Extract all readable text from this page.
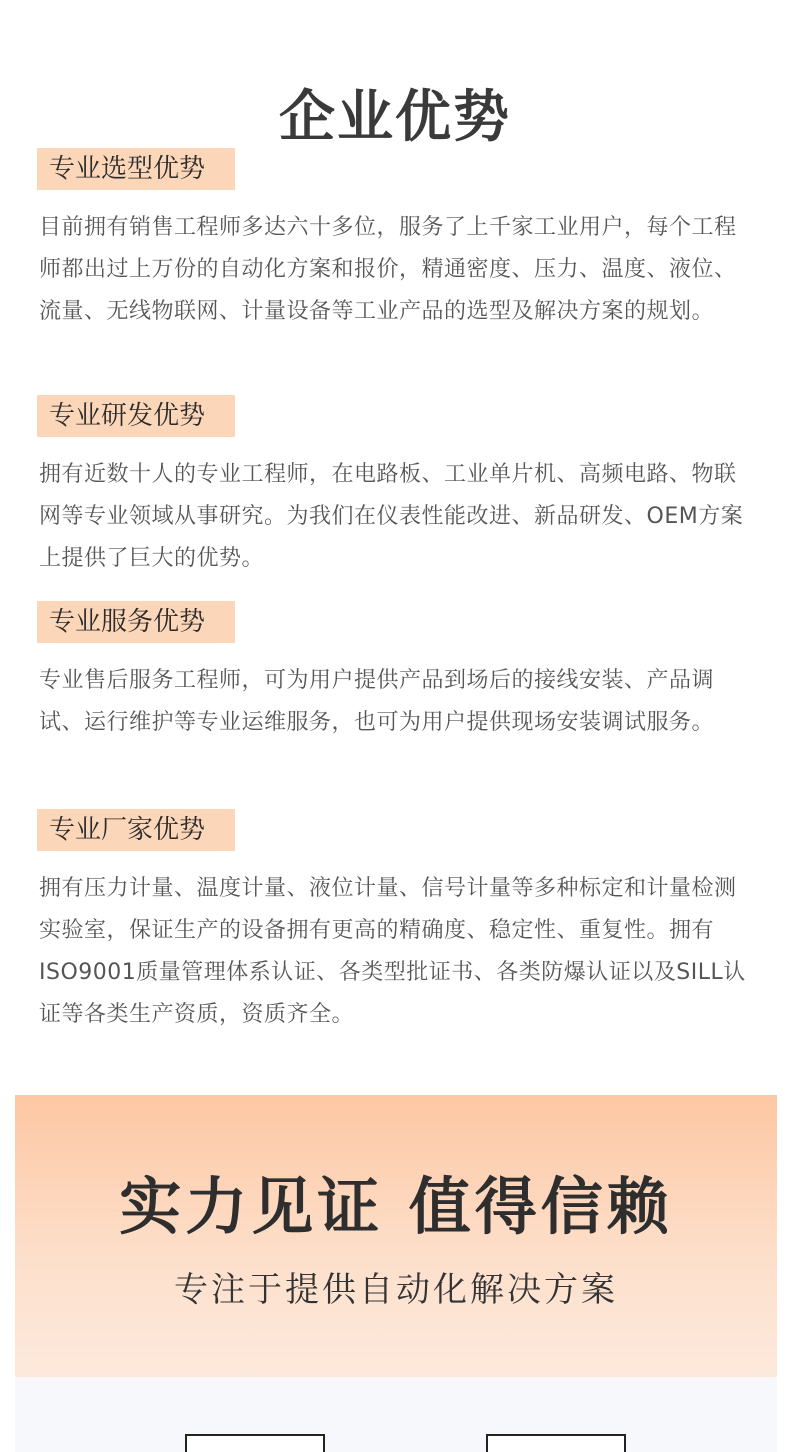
企业优势
专业选型优势

目前拥有销售工程师多达六十多位，服务了上千家工业用户，每个工程师都出过上万份的自动化方案和报价，精通密度、压力、温度、液位、流量、无线物联网、计量设备等工业产品的选型及解决方案的规划。

专业研发优势

拥有近数十人的专业工程师，在电路板、工业单片机、高频电路、物联网等专业领域从事研究。为我们在仪表性能改进、新品研发、OEM方案上提供了巨大的优势。

专业服务优势

专业售后服务工程师，可为用户提供产品到场后的接线安装、产品调试、运行维护等专业运维服务，也可为用户提供现场安装调试服务。

专业厂家优势

拥有压力计量、温度计量、液位计量、信号计量等多种标定和计量检测实验室，保证生产的设备拥有更高的精确度、稳定性、重复性。拥有ISO9001质量管理体系认证、各类型批证书、各类防爆认证以及SILL认证等各类生产资质，资质齐全。

实力见证 值得信赖
专注于提供自动化解决方案
